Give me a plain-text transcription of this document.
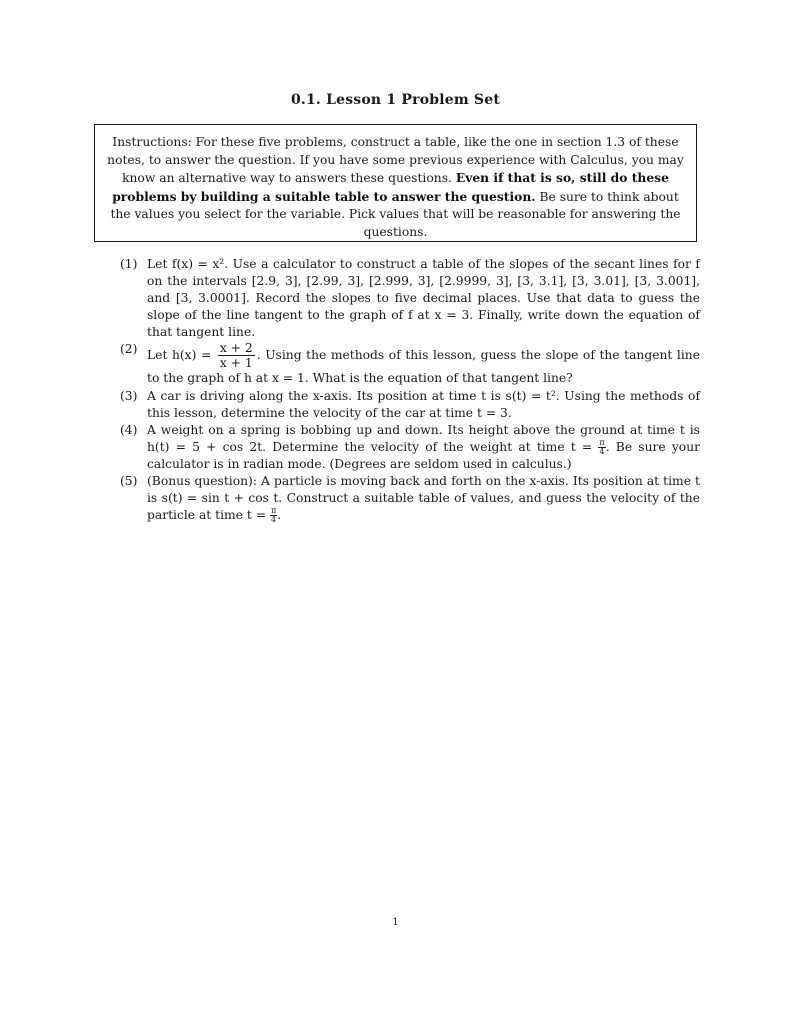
0.1. Lesson 1 Problem Set
Instructions: For these five problems, construct a table, like the one in section 1.3 of these notes, to answer the question. If you have some previous experience with Calculus, you may know an alternative way to answers these questions. Even if that is so, still do these problems by building a suitable table to answer the question. Be sure to think about the values you select for the variable. Pick values that will be reasonable for answering the questions.
(1) Let f(x) = x². Use a calculator to construct a table of the slopes of the secant lines for f on the intervals [2.9, 3], [2.99, 3], [2.999, 3], [2.9999, 3], [3, 3.1], [3, 3.01], [3, 3.001], and [3, 3.0001]. Record the slopes to five decimal places. Use that data to guess the slope of the line tangent to the graph of f at x = 3. Finally, write down the equation of that tangent line.
(2) Let $h(x) = \frac{x + 2}{x + 1}$ . Using the methods of this lesson, guess the slope of the tangent line to the graph of h at x = 1. What is the equation of that tangent line?
(3) A car is driving along the x-axis. Its position at time t is s(t) = t². Using the methods of this lesson, determine the velocity of the car at time t = 3.
(4) A weight on a spring is bobbing up and down. Its height above the ground at time t is h(t) = 5 + cos 2t. Determine the velocity of the weight at time $t = \frac{\pi}{4}$ . Be sure your calculator is in radian mode. (Degrees are seldom used in calculus.)
(5) (Bonus question): A particle is moving back and forth on the x-axis. Its position at time t is s(t) = sin t + cos t. Construct a suitable table of values, and guess the velocity of the particle at time $t = \frac{\pi}{4}$ .
1
